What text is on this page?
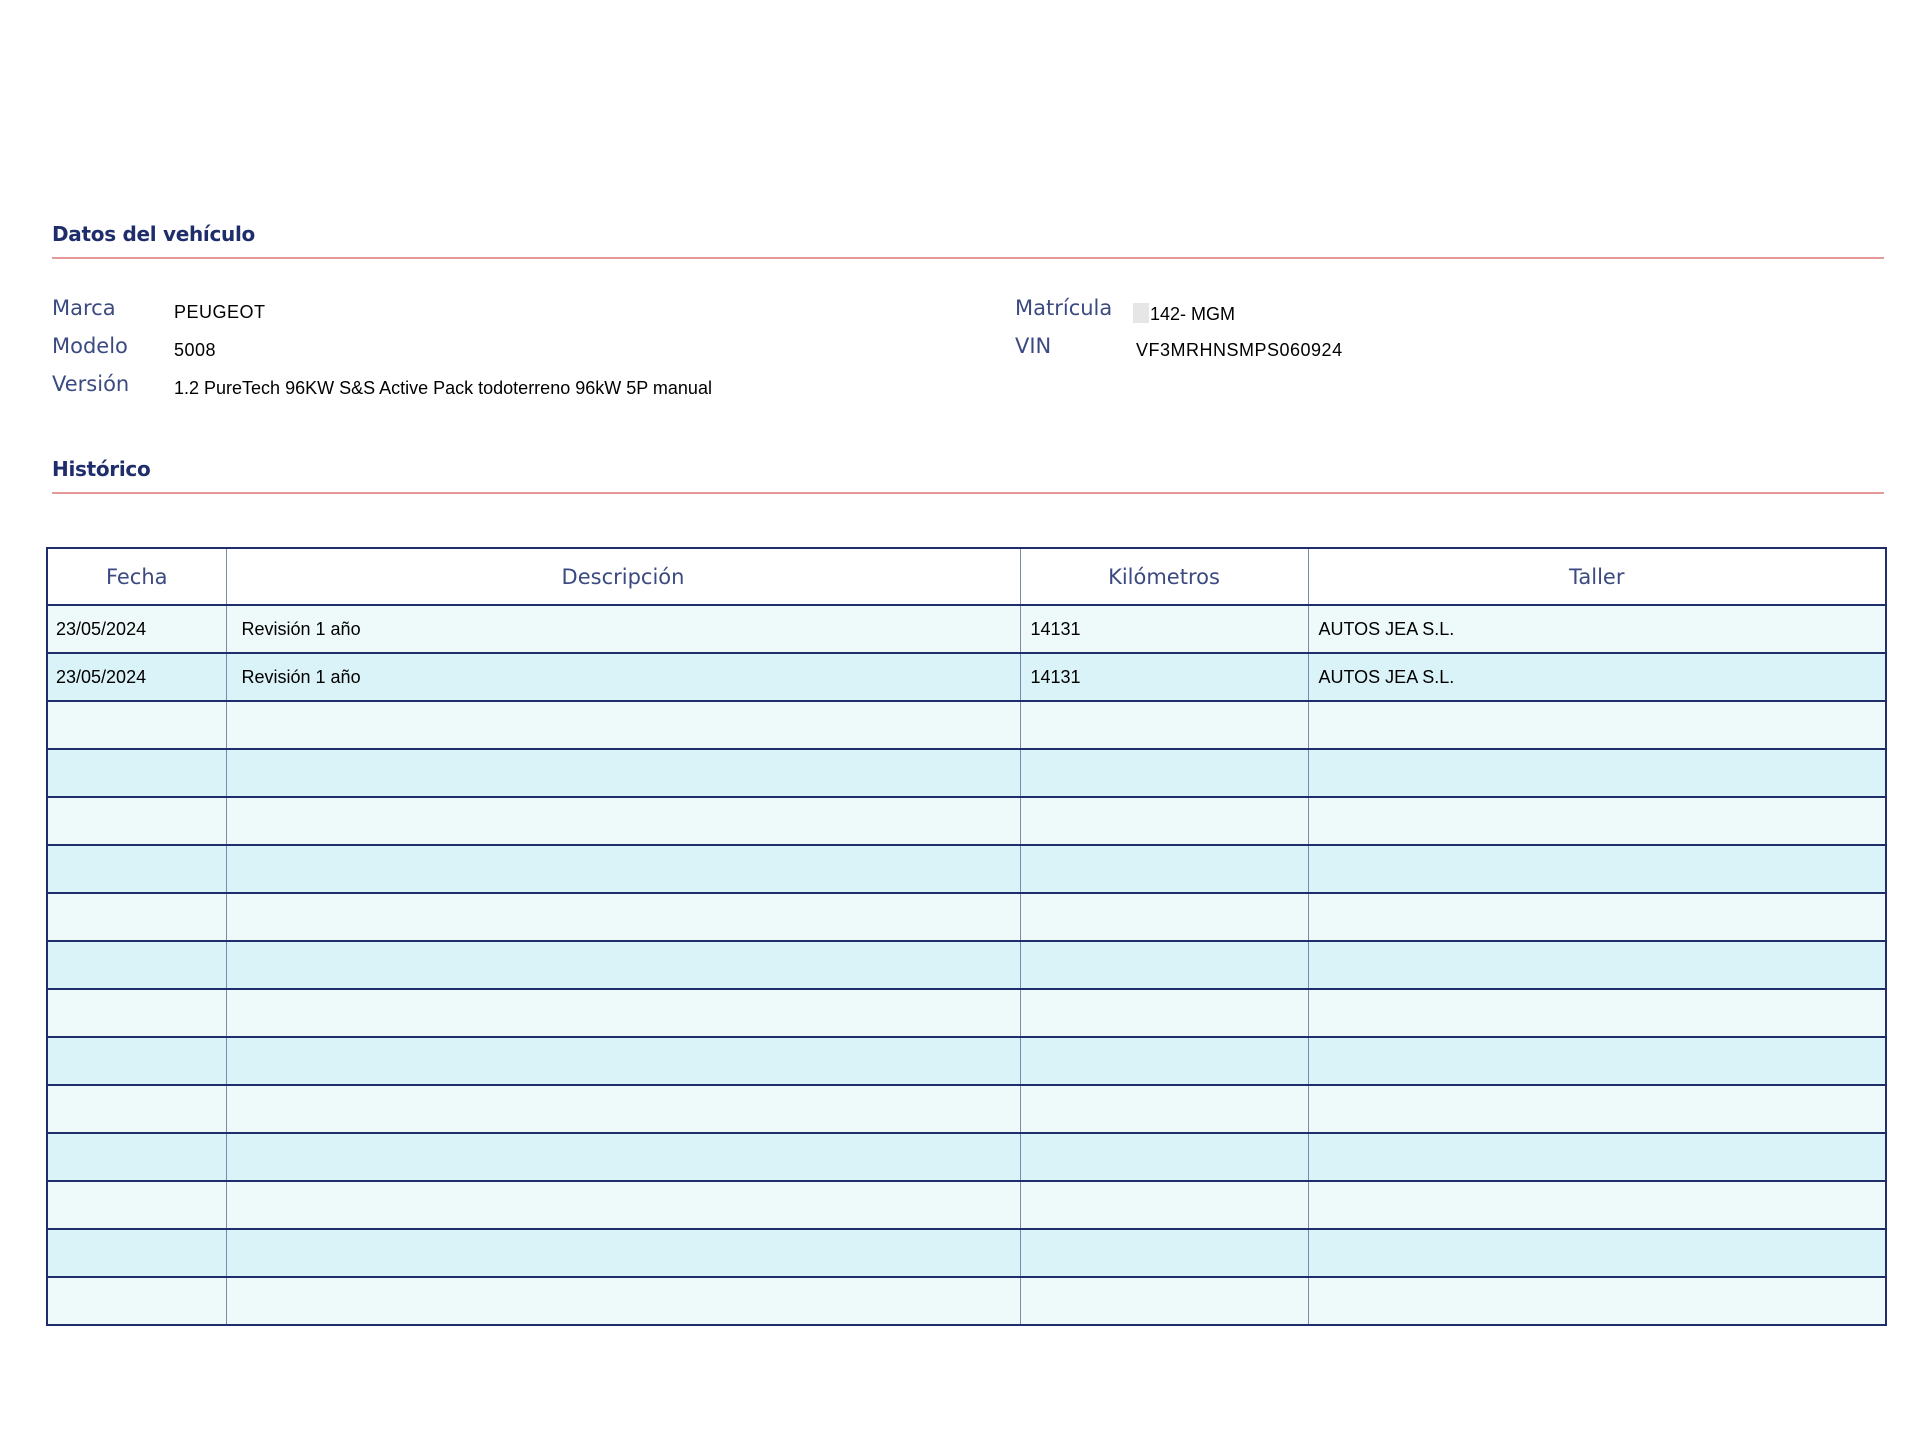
Datos del vehículo
Marca	PEUGEOT
Modelo	5008
Versión 1.2 PureTech 96KW S&S Active Pack todoterreno 96kW 5P manual
Matrícula 142- MGM
VIN	VF3MRHNSMPS060924
Histórico
Fecha	Descripción	Kilómetros	Taller
23/05/2024	Revisión 1 año	14131	AUTOS JEA S.L.
23/05/2024	Revisión 1 año	14131	AUTOS JEA S.L.
